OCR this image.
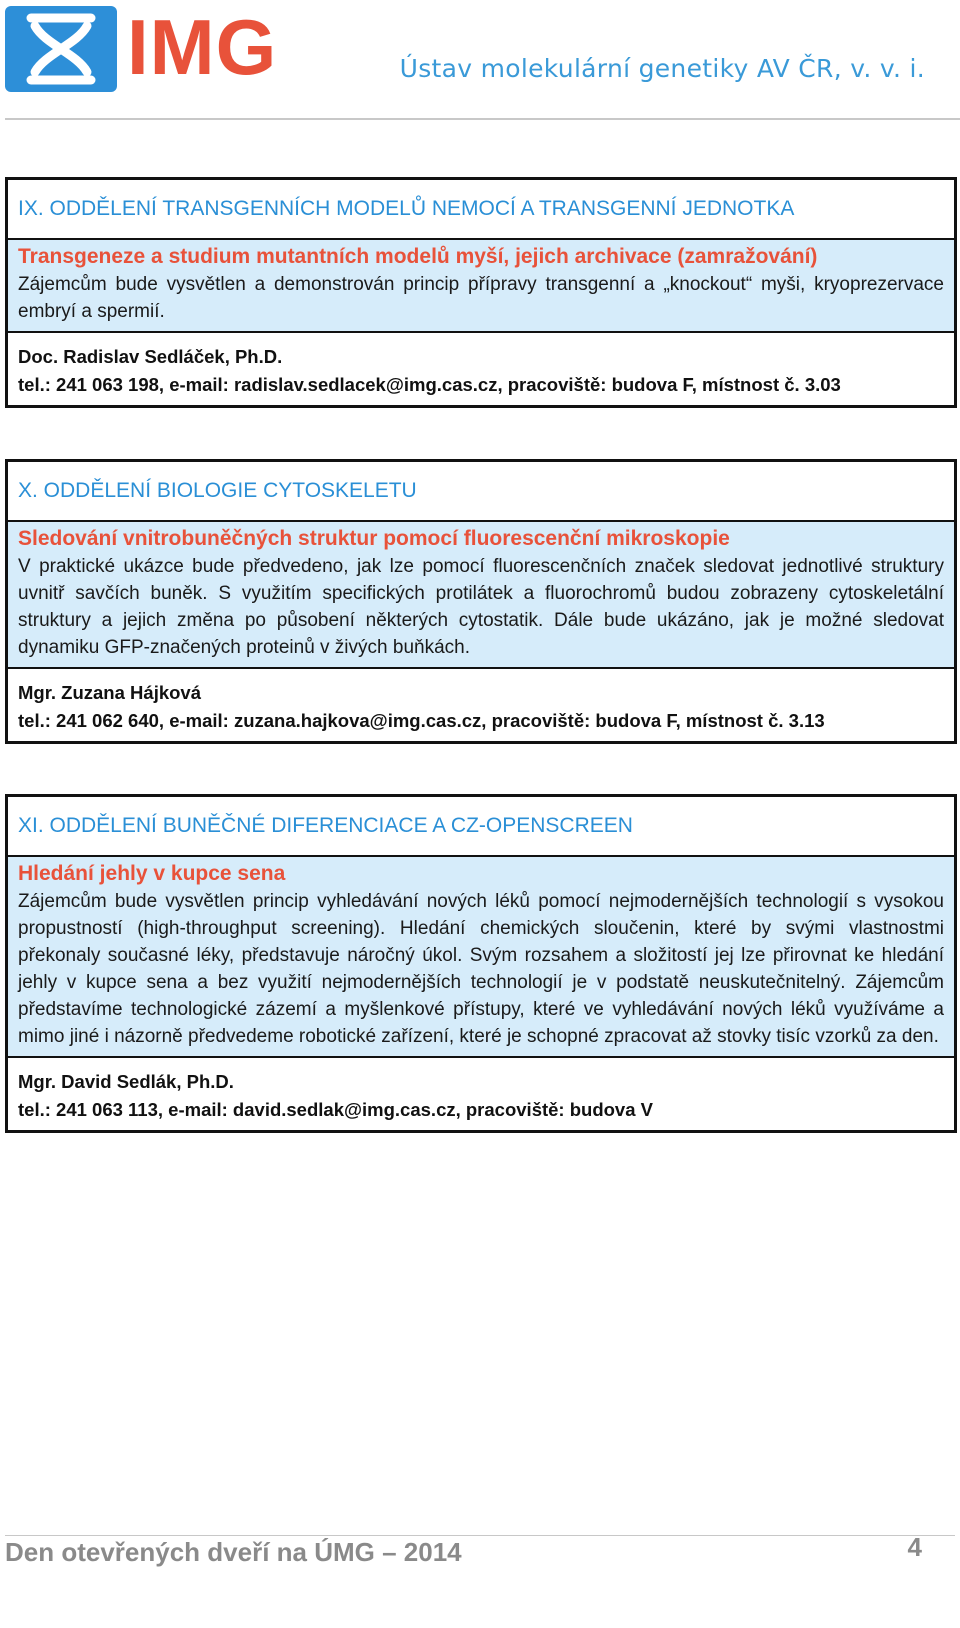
IMG	Ústav molekulární genetiky AV ČR, v. v. i.
IX. ODDĚLENÍ TRANSGENNÍCH MODELŮ NEMOCÍ A TRANSGENNÍ JEDNOTKA
Transgeneze a studium mutantních modelů myší, jejich archivace (zamražování)
Zájemcům bude vysvětlen a demonstrován princip přípravy transgenní a „knockout“ myši, kryoprezervace embryí a spermií.
Doc. Radislav Sedláček, Ph.D.
tel.: 241 063 198, e-mail: radislav.sedlacek@img.cas.cz, pracoviště: budova F, místnost č. 3.03
X. ODDĚLENÍ BIOLOGIE CYTOSKELETU
Sledování vnitrobuněčných struktur pomocí fluorescenční mikroskopie
V praktické ukázce bude předvedeno, jak lze pomocí fluorescenčních značek sledovat jednotlivé struktury uvnitř savčích buněk. S využitím specifických protilátek a fluorochromů budou zobrazeny cytoskeletální struktury a jejich změna po působení některých cytostatik. Dále bude ukázáno, jak je možné sledovat dynamiku GFP-značených proteinů v živých buňkách.
Mgr. Zuzana Hájková
tel.: 241 062 640, e-mail: zuzana.hajkova@img.cas.cz, pracoviště: budova F, místnost č. 3.13
XI. ODDĚLENÍ BUNĚČNÉ DIFERENCIACE A CZ-OPENSCREEN
Hledání jehly v kupce sena
Zájemcům bude vysvětlen princip vyhledávání nových léků pomocí nejmodernějších technologií s vysokou propustností (high-throughput screening). Hledání chemických sloučenin, které by svými vlastnostmi překonaly současné léky, představuje náročný úkol. Svým rozsahem a složitostí jej lze přirovnat ke hledání jehly v kupce sena a bez využití nejmodernějších technologií je v podstatě neuskutečnitelný. Zájemcům představíme technologické zázemí a myšlenkové přístupy, které ve vyhledávání nových léků využíváme a mimo jiné i názorně předvedeme robotické zařízení, které je schopné zpracovat až stovky tisíc vzorků za den.
Mgr. David Sedlák, Ph.D.
tel.: 241 063 113, e-mail: david.sedlak@img.cas.cz, pracoviště: budova V
Den otevřených dveří na ÚMG – 2014	4
